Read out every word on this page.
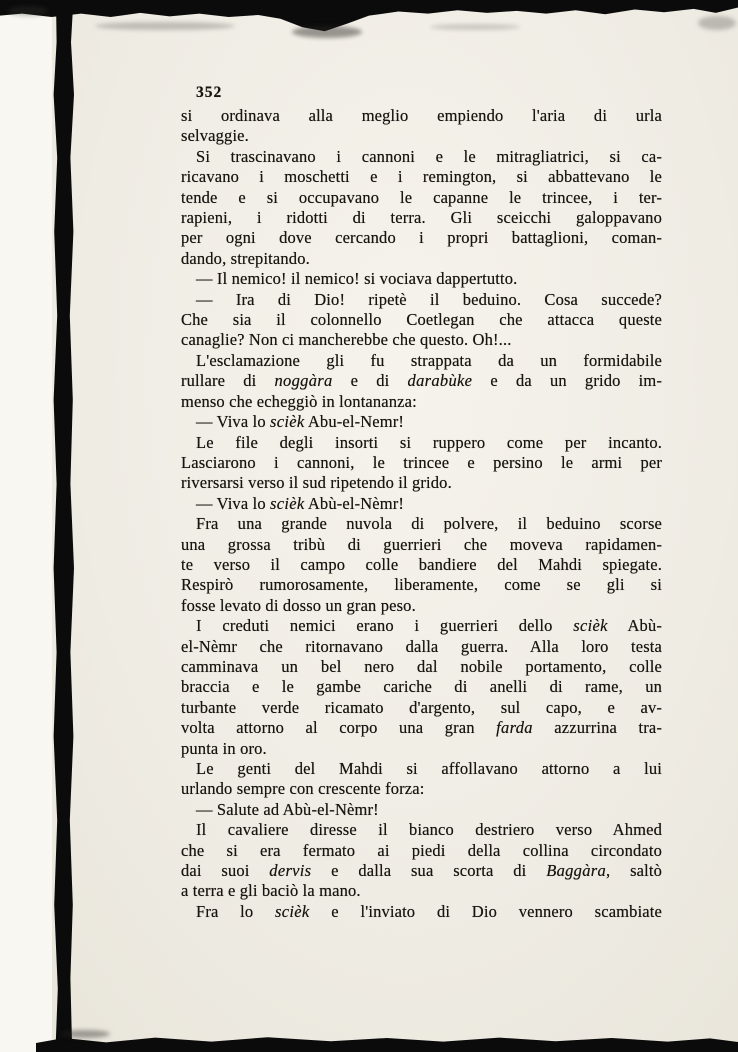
352
si ordinava alla meglio empiendo l'aria di urla
selvaggie.
Si trascinavano i cannoni e le mitragliatrici, si ca-
ricavano i moschetti e i remington, si abbattevano le
tende e si occupavano le capanne le trincee, i ter-
rapieni, i ridotti di terra. Gli sceicchi galoppavano
per ogni dove cercando i propri battaglioni, coman-
dando, strepitando.
— Il nemico! il nemico! si vociava dappertutto.
— Ira di Dio! ripetè il beduino. Cosa succede?
Che sia il colonnello Coetlegan che attacca queste
canaglie? Non ci mancherebbe che questo. Oh!...
L'esclamazione gli fu strappata da un formidabile
rullare di noggàra e di darabùke e da un grido im-
menso che echeggiò in lontananza:
— Viva lo scièk Abu-el-Nemr!
Le file degli insorti si ruppero come per incanto.
Lasciarono i cannoni, le trincee e persino le armi per
riversarsi verso il sud ripetendo il grido.
— Viva lo scièk Abù-el-Nèmr!
Fra una grande nuvola di polvere, il beduino scorse
una grossa tribù di guerrieri che moveva rapidamen-
te verso il campo colle bandiere del Mahdi spiegate.
Respirò rumorosamente, liberamente, come se gli si
fosse levato di dosso un gran peso.
I creduti nemici erano i guerrieri dello scièk Abù-
el-Nèmr che ritornavano dalla guerra. Alla loro testa
camminava un bel nero dal nobile portamento, colle
braccia e le gambe cariche di anelli di rame, un
turbante verde ricamato d'argento, sul capo, e av-
volta attorno al corpo una gran farda azzurrina tra-
punta in oro.
Le genti del Mahdi si affollavano attorno a lui
urlando sempre con crescente forza:
— Salute ad Abù-el-Nèmr!
Il cavaliere diresse il bianco destriero verso Ahmed
che si era fermato ai piedi della collina circondato
dai suoi dervis e dalla sua scorta di Baggàra, saltò
a terra e gli baciò la mano.
Fra lo scièk e l'inviato di Dio vennero scambiate
